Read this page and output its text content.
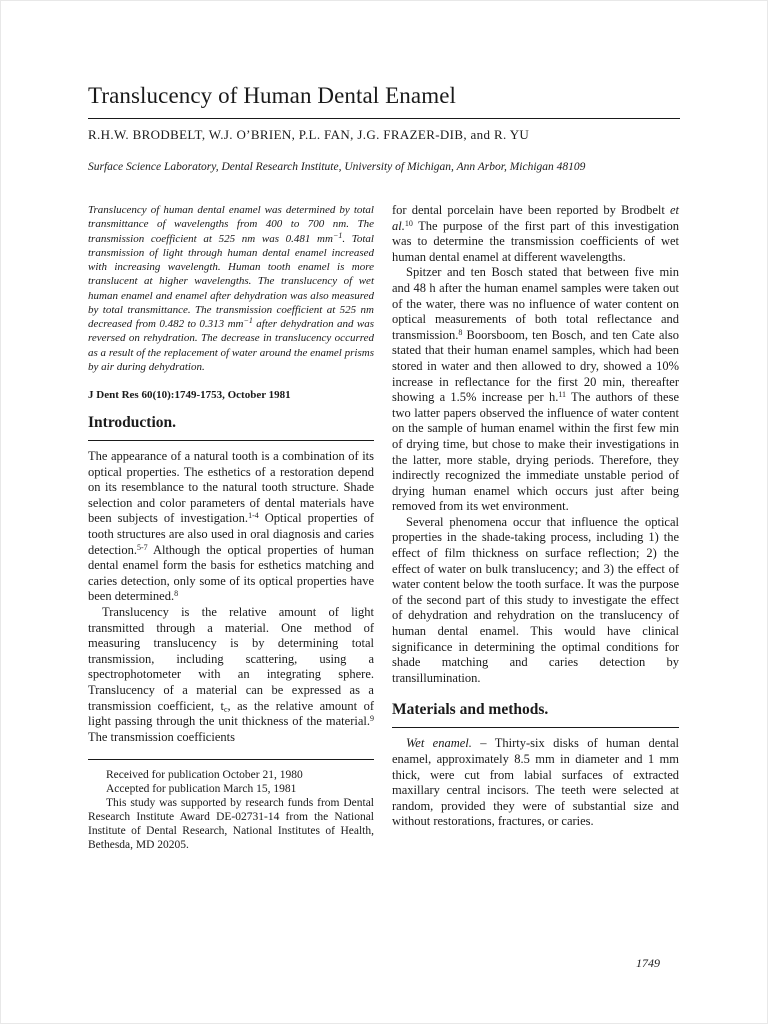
Translucency of Human Dental Enamel
R.H.W. BRODBELT, W.J. O’BRIEN, P.L. FAN, J.G. FRAZER-DIB, and R. YU
Surface Science Laboratory, Dental Research Institute, University of Michigan, Ann Arbor, Michigan 48109

Translucency of human dental enamel was determined by total transmittance of wavelengths from 400 to 700 nm. The transmission coefficient at 525 nm was 0.481 $mm^{-1}$. Total transmission of light through human dental enamel increased with increasing wavelength. Human tooth enamel is more translucent at higher wavelengths. The translucency of wet human enamel and enamel after dehydration was also measured by total transmittance. The transmission coefficient at 525 nm decreased from 0.482 to 0.313 $mm^{-1}$ after dehydration and was reversed on rehydration. The decrease in translucency occurred as a result of the replacement of water around the enamel prisms by air during dehydration.

J Dent Res 60(10):1749-1753, October 1981

Introduction.

The appearance of a natural tooth is a combination of its optical properties. The esthetics of a restoration depend on its resemblance to the natural tooth structure. Shade selection and color parameters of dental materials have been subjects of investigation.$^{1-4}$ Optical properties of tooth structures are also used in oral diagnosis and caries detection.$^{5-7}$ Although the optical properties of human dental enamel form the basis for esthetics matching and caries detection, only some of its optical properties have been determined.$^8$

Translucency is the relative amount of light transmitted through a material. One method of measuring translucency is by determining total transmission, including scattering, using a spectrophotometer with an integrating sphere. Translucency of a material can be expressed as a transmission coefficient, $t_c$, as the relative amount of light passing through the unit thickness of the material.$^9$ The transmission coefficients

Received for publication October 21, 1980

Accepted for publication March 15, 1981

This study was supported by research funds from Dental Research Institute Award DE-02731-14 from the National Institute of Dental Research, National Institutes of Health, Bethesda, MD 20205.

for dental porcelain have been reported by Brodbelt et al.$^{10}$ The purpose of the first part of this investigation was to determine the transmission coefficients of wet human dental enamel at different wavelengths.

Spitzer and ten Bosch stated that between five min and 48 h after the human enamel samples were taken out of the water, there was no influence of water content on optical measurements of both total reflectance and transmission.$^8$ Boorsboom, ten Bosch, and ten Cate also stated that their human enamel samples, which had been stored in water and then allowed to dry, showed a 10% increase in reflectance for the first 20 min, thereafter showing a 1.5% increase per h.$^{11}$ The authors of these two latter papers observed the influence of water content on the sample of human enamel within the first few min of drying time, but chose to make their investigations in the latter, more stable, drying periods. Therefore, they indirectly recognized the immediate unstable period of drying human enamel which occurs just after being removed from its wet environment.

Several phenomena occur that influence the optical properties in the shade-taking process, including 1) the effect of film thickness on surface reflection; 2) the effect of water on bulk translucency; and 3) the effect of water content below the tooth surface. It was the purpose of the second part of this study to investigate the effect of dehydration and rehydration on the translucency of human dental enamel. This would have clinical significance in determining the optimal conditions for shade matching and caries detection by transillumination.

Materials and methods.

Wet enamel. – Thirty-six disks of human dental enamel, approximately 8.5 mm in diameter and 1 mm thick, were cut from labial surfaces of extracted maxillary central incisors. The teeth were selected at random, provided they were of substantial size and without restorations, fractures, or caries.

1749
